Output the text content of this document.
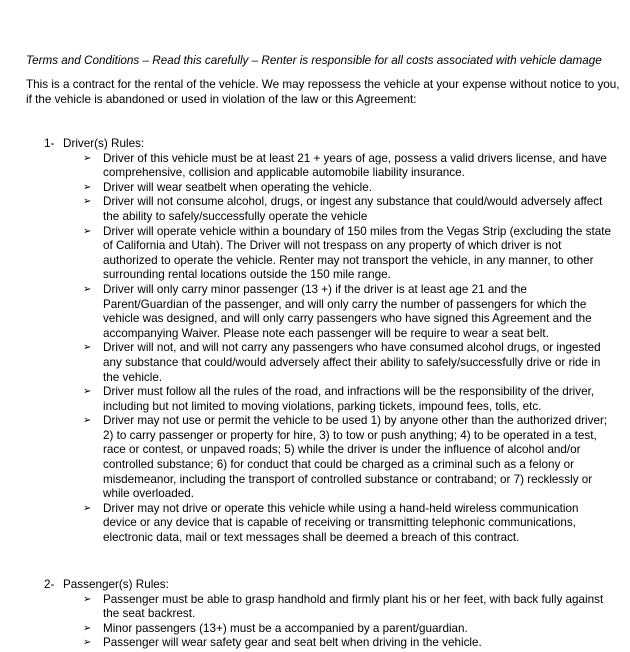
Terms and Conditions – Read this carefully – Renter is responsible for all costs associated with vehicle damage

This is a contract for the rental of the vehicle. We may repossess the vehicle at your expense without notice to you, if the vehicle is abandoned or used in violation of the law or this Agreement:

1- Driver(s) Rules:
➢ Driver of this vehicle must be at least 21 + years of age, possess a valid drivers license, and have comprehensive, collision and applicable automobile liability insurance.
➢ Driver will wear seatbelt when operating the vehicle.
➢ Driver will not consume alcohol, drugs, or ingest any substance that could/would adversely affect the ability to safely/successfully operate the vehicle
➢ Driver will operate vehicle within a boundary of 150 miles from the Vegas Strip (excluding the state of California and Utah). The Driver will not trespass on any property of which driver is not authorized to operate the vehicle. Renter may not transport the vehicle, in any manner, to other surrounding rental locations outside the 150 mile range.
➢ Driver will only carry minor passenger (13 +) if the driver is at least age 21 and the Parent/Guardian of the passenger, and will only carry the number of passengers for which the vehicle was designed, and will only carry passengers who have signed this Agreement and the accompanying Waiver. Please note each passenger will be require to wear a seat belt.
➢ Driver will not, and will not carry any passengers who have consumed alcohol drugs, or ingested any substance that could/would adversely affect their ability to safely/successfully drive or ride in the vehicle.
➢ Driver must follow all the rules of the road, and infractions will be the responsibility of the driver, including but not limited to moving violations, parking tickets, impound fees, tolls, etc.
➢ Driver may not use or permit the vehicle to be used 1) by anyone other than the authorized driver; 2) to carry passenger or property for hire, 3) to tow or push anything; 4) to be operated in a test, race or contest, or unpaved roads; 5) while the driver is under the influence of alcohol and/or controlled substance; 6) for conduct that could be charged as a criminal such as a felony or misdemeanor, including the transport of controlled substance or contraband; or 7) recklessly or while overloaded.
➢ Driver may not drive or operate this vehicle while using a hand-held wireless communication device or any device that is capable of receiving or transmitting telephonic communications, electronic data, mail or text messages shall be deemed a breach of this contract.
2- Passenger(s) Rules:
➢ Passenger must be able to grasp handhold and firmly plant his or her feet, with back fully against the seat backrest.
➢ Minor passengers (13+) must be a accompanied by a parent/guardian.
➢ Passenger will wear safety gear and seat belt when driving in the vehicle.
